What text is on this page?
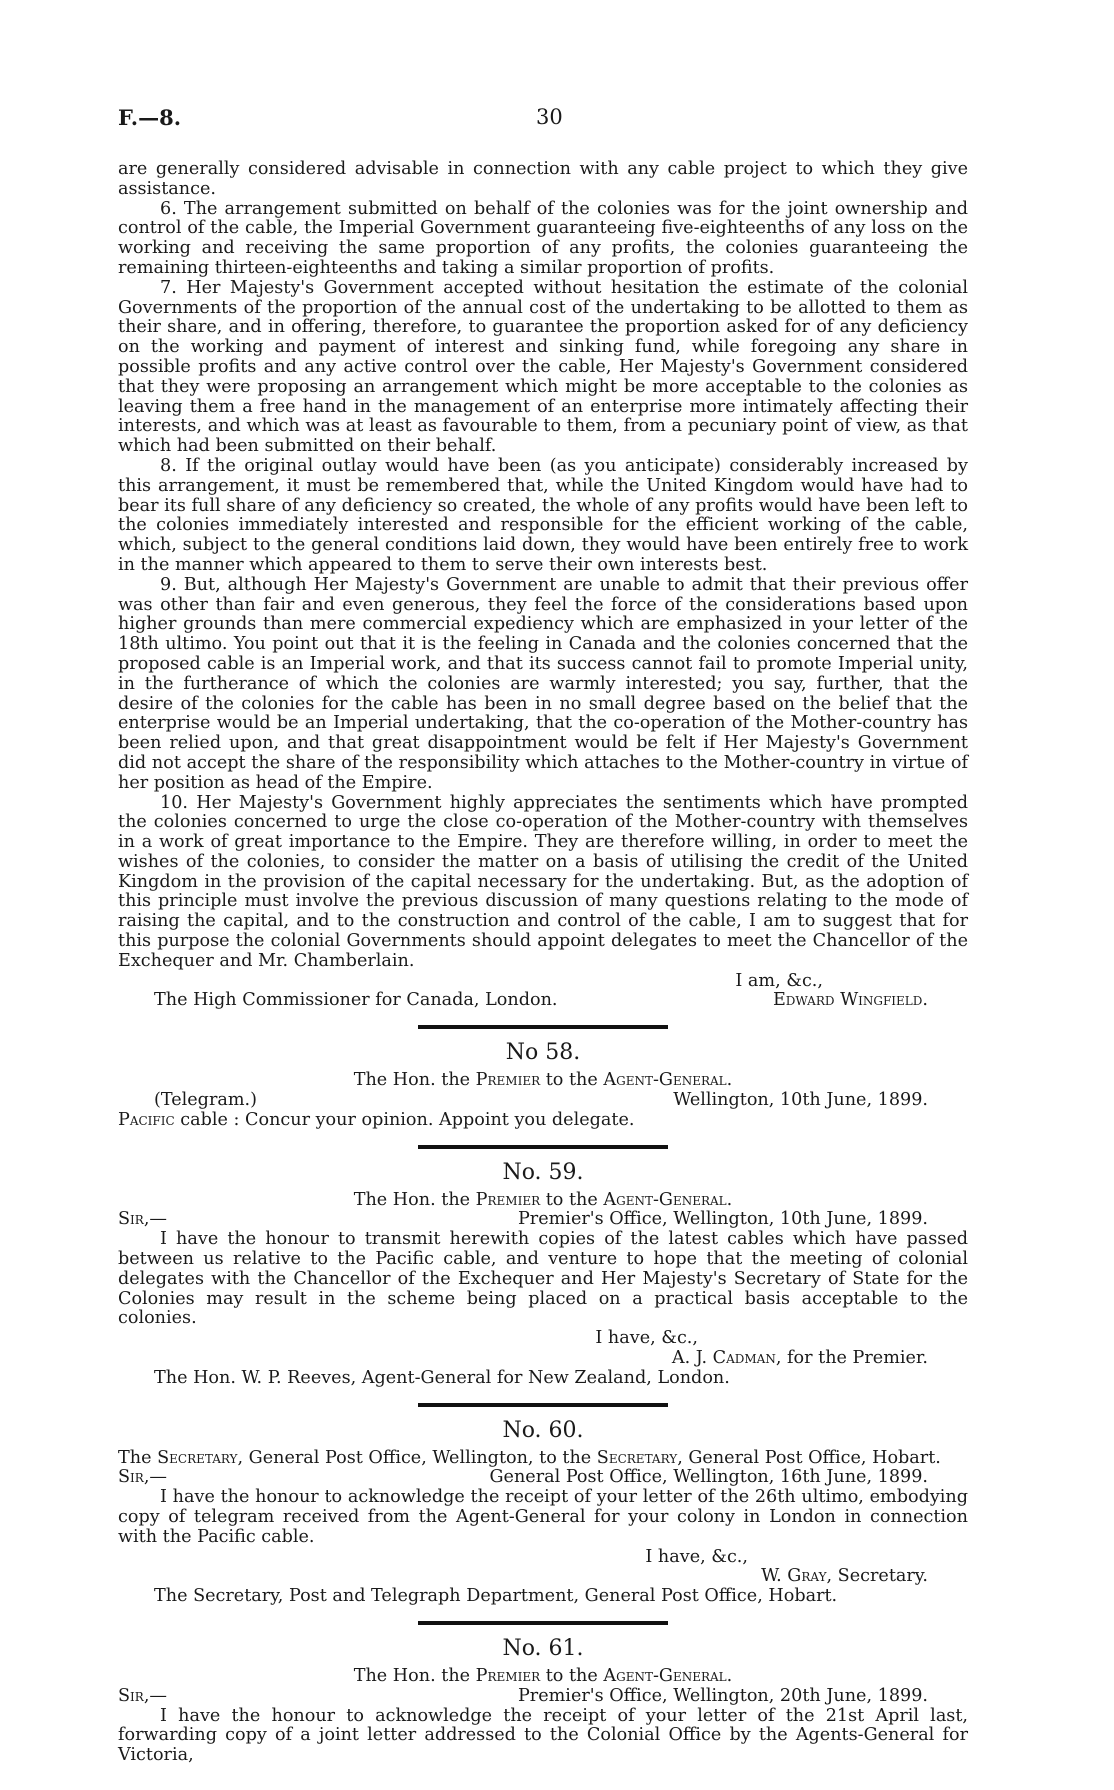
F.—8.	30

are generally considered advisable in connection with any cable project to which they give assistance.

6. The arrangement submitted on behalf of the colonies was for the joint ownership and control of the cable, the Imperial Government guaranteeing five-eighteenths of any loss on the working and receiving the same proportion of any profits, the colonies guaranteeing the remaining thirteen-eighteenths and taking a similar proportion of profits.

7. Her Majesty's Government accepted without hesitation the estimate of the colonial Governments of the proportion of the annual cost of the undertaking to be allotted to them as their share, and in offering, therefore, to guarantee the proportion asked for of any deficiency on the working and payment of interest and sinking fund, while foregoing any share in possible profits and any active control over the cable, Her Majesty's Government considered that they were proposing an arrangement which might be more acceptable to the colonies as leaving them a free hand in the management of an enterprise more intimately affecting their interests, and which was at least as favourable to them, from a pecuniary point of view, as that which had been submitted on their behalf.

8. If the original outlay would have been (as you anticipate) considerably increased by this arrangement, it must be remembered that, while the United Kingdom would have had to bear its full share of any deficiency so created, the whole of any profits would have been left to the colonies immediately interested and responsible for the efficient working of the cable, which, subject to the general conditions laid down, they would have been entirely free to work in the manner which appeared to them to serve their own interests best.

9. But, although Her Majesty's Government are unable to admit that their previous offer was other than fair and even generous, they feel the force of the considerations based upon higher grounds than mere commercial expediency which are emphasized in your letter of the 18th ultimo. You point out that it is the feeling in Canada and the colonies concerned that the proposed cable is an Imperial work, and that its success cannot fail to promote Imperial unity, in the furtherance of which the colonies are warmly interested; you say, further, that the desire of the colonies for the cable has been in no small degree based on the belief that the enterprise would be an Imperial undertaking, that the co-operation of the Mother-country has been relied upon, and that great disappointment would be felt if Her Majesty's Government did not accept the share of the responsibility which attaches to the Mother-country in virtue of her position as head of the Empire.

10. Her Majesty's Government highly appreciates the sentiments which have prompted the colonies concerned to urge the close co-operation of the Mother-country with themselves in a work of great importance to the Empire. They are therefore willing, in order to meet the wishes of the colonies, to consider the matter on a basis of utilising the credit of the United Kingdom in the provision of the capital necessary for the undertaking. But, as the adoption of this principle must involve the previous discussion of many questions relating to the mode of raising the capital, and to the construction and control of the cable, I am to suggest that for this purpose the colonial Governments should appoint delegates to meet the Chancellor of the Exchequer and Mr. Chamberlain.

I am, &c.,
The High Commissioner for Canada, London.	Edward Wingfield.
No 58.
The Hon. the Premier to the Agent-General.
(Telegram.)	Wellington, 10th June, 1899.
Pacific cable : Concur your opinion. Appoint you delegate.
No. 59.
The Hon. the Premier to the Agent-General.
Sir,—	Premier's Office, Wellington, 10th June, 1899.

I have the honour to transmit herewith copies of the latest cables which have passed between us relative to the Pacific cable, and venture to hope that the meeting of colonial delegates with the Chancellor of the Exchequer and Her Majesty's Secretary of State for the Colonies may result in the scheme being placed on a practical basis acceptable to the colonies.

I have, &c.,
A. J. Cadman, for the Premier.
The Hon. W. P. Reeves, Agent-General for New Zealand, London.
No. 60.
The Secretary, General Post Office, Wellington, to the Secretary, General Post Office, Hobart.
Sir,—	General Post Office, Wellington, 16th June, 1899.

I have the honour to acknowledge the receipt of your letter of the 26th ultimo, embodying copy of telegram received from the Agent-General for your colony in London in connection with the Pacific cable.

I have, &c.,
W. Gray, Secretary.
The Secretary, Post and Telegraph Department, General Post Office, Hobart.
No. 61.
The Hon. the Premier to the Agent-General.
Sir,—	Premier's Office, Wellington, 20th June, 1899.

I have the honour to acknowledge the receipt of your letter of the 21st April last, forwarding copy of a joint letter addressed to the Colonial Office by the Agents-General for Victoria,
